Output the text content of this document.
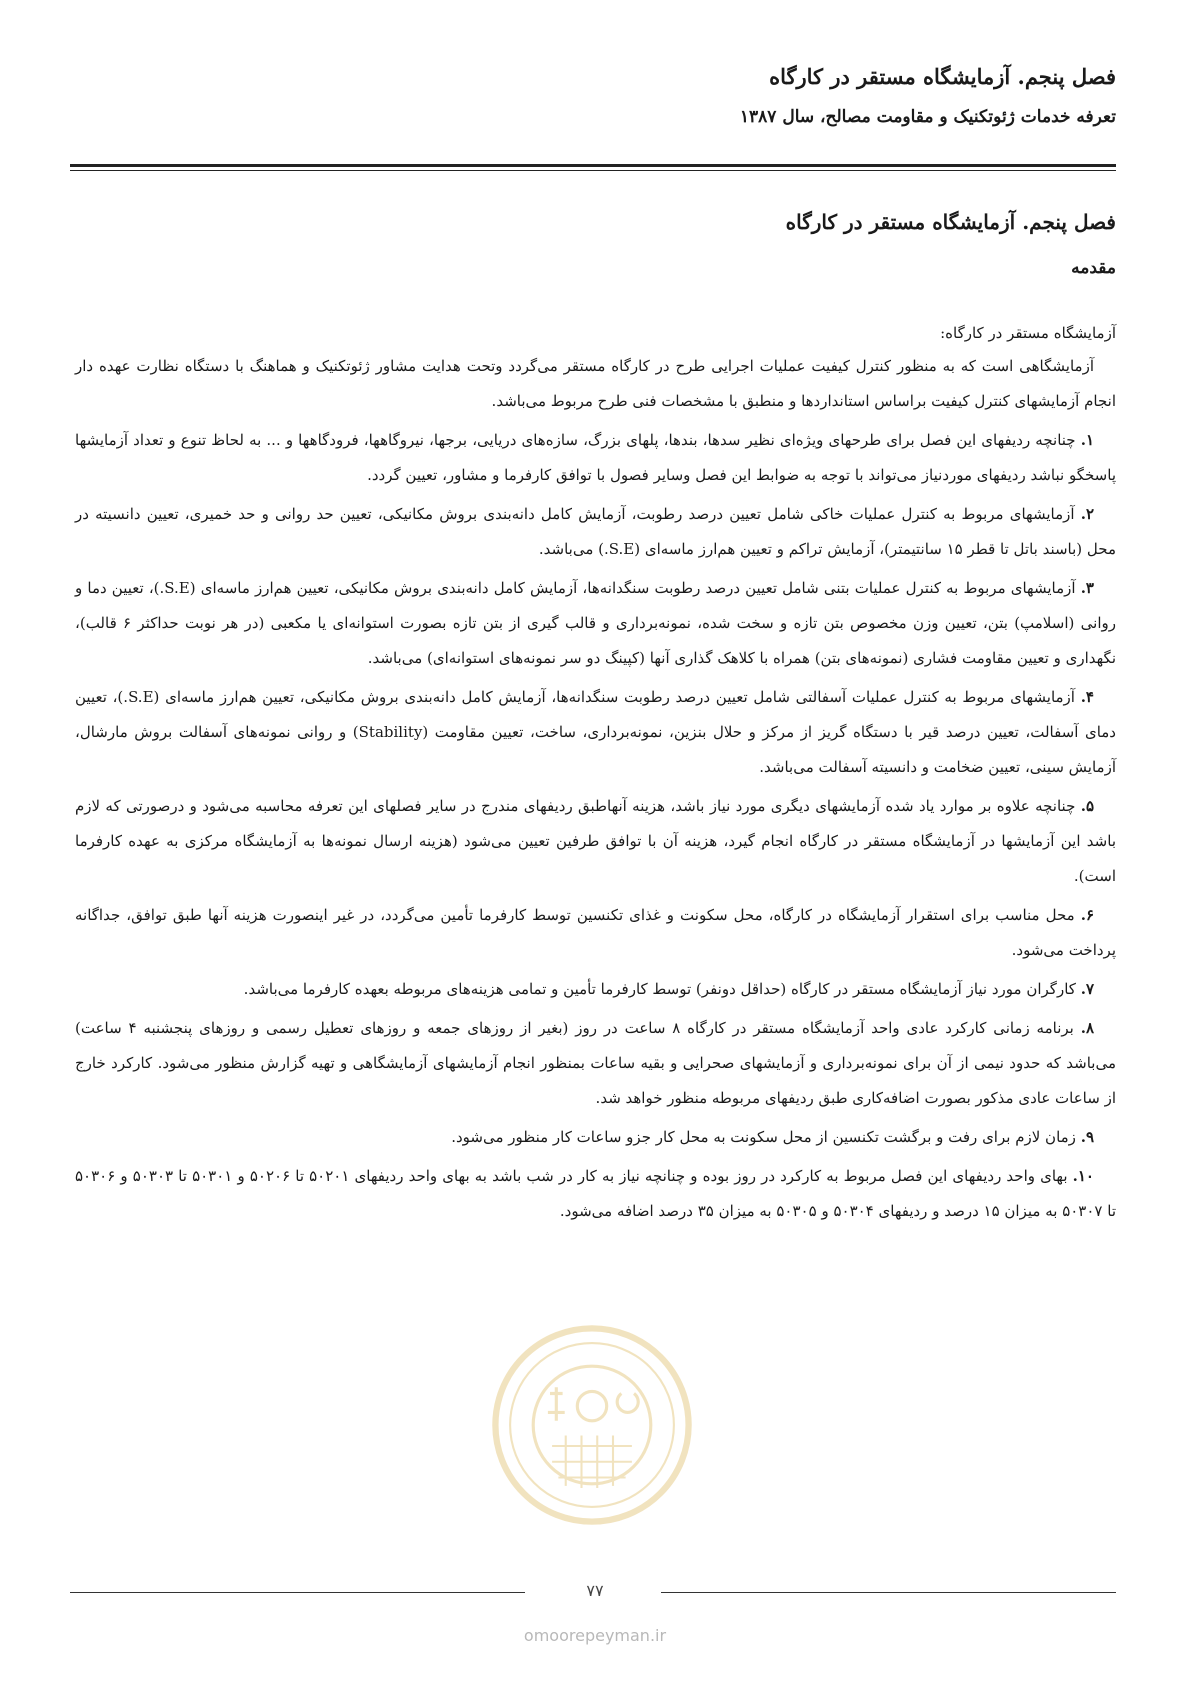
فصل پنجم. آزمایشگاه مستقر در کارگاه

تعرفه خدمات ژئوتکنیک و مقاومت مصالح، سال ۱۳۸۷

فصل پنجم. آزمایشگاه مستقر در کارگاه

مقدمه

آزمایشگاه مستقر در کارگاه:

آزمایشگاهی است که به منظور کنترل کیفیت عملیات اجرایی طرح در کارگاه مستقر می‌گردد وتحت هدایت مشاور ژئوتکنیک و هماهنگ با دستگاه نظارت عهده دار انجام آزمایشهای کنترل کیفیت براساس استانداردها و منطبق با مشخصات فنی طرح مربوط می‌باشد.

۱. چنانچه ردیفهای این فصل برای طرحهای ویژه‌ای نظیر سدها، بندها، پلهای بزرگ، سازه‌های دریایی، برجها، نیروگاهها، فرودگاهها و ... به لحاظ تنوع و تعداد آزمایشها پاسخگو نباشد ردیفهای موردنیاز می‌تواند با توجه به ضوابط این فصل وسایر فصول با توافق کارفرما و مشاور، تعیین گردد.

۲. آزمایشهای مربوط به کنترل عملیات خاکی شامل تعیین درصد رطوبت، آزمایش کامل دانه‌بندی بروش مکانیکی، تعیین حد روانی و حد خمیری، تعیین دانسیته در محل (باسند باتل تا قطر ۱۵ سانتیمتر)، آزمایش تراکم و تعیین هم‌ارز ماسه‌ای (S.E.) می‌باشد.

۳. آزمایشهای مربوط به کنترل عملیات بتنی شامل تعیین درصد رطوبت سنگدانه‌ها، آزمایش کامل دانه‌بندی بروش مکانیکی، تعیین هم‌ارز ماسه‌ای (S.E.)، تعیین دما و روانی (اسلامپ) بتن، تعیین وزن مخصوص بتن تازه و سخت شده، نمونه‌برداری و قالب گیری از بتن تازه بصورت استوانه‌ای یا مکعبی (در هر نوبت حداکثر ۶ قالب)، نگهداری و تعیین مقاومت فشاری (نمونه‌های بتن) همراه با کلاهک گذاری آنها (کپینگ دو سر نمونه‌های استوانه‌ای) می‌باشد.

۴. آزمایشهای مربوط به کنترل عملیات آسفالتی شامل تعیین درصد رطوبت سنگدانه‌ها، آزمایش کامل دانه‌بندی بروش مکانیکی، تعیین هم‌ارز ماسه‌ای (S.E.)، تعیین دمای آسفالت، تعیین درصد قیر با دستگاه گریز از مرکز و حلال بنزین، نمونه‌برداری، ساخت، تعیین مقاومت (Stability) و روانی نمونه‌های آسفالت بروش مارشال، آزمایش سینی، تعیین ضخامت و دانسیته آسفالت می‌باشد.

۵. چنانچه علاوه بر موارد یاد شده آزمایشهای دیگری مورد نیاز باشد، هزینه آنهاطبق ردیفهای مندرج در سایر فصلهای این تعرفه محاسبه می‌شود و درصورتی که لازم باشد این آزمایشها در آزمایشگاه مستقر در کارگاه انجام گیرد، هزینه آن با توافق طرفین تعیین می‌شود (هزینه ارسال نمونه‌ها به آزمایشگاه مرکزی به عهده کارفرما است).

۶. محل مناسب برای استقرار آزمایشگاه در کارگاه، محل سکونت و غذای تکنسین توسط کارفرما تأمین می‌گردد، در غیر اینصورت هزینه آنها طبق توافق، جداگانه پرداخت می‌شود.

۷. کارگران مورد نیاز آزمایشگاه مستقر در کارگاه (حداقل دونفر) توسط کارفرما تأمین و تمامی هزینه‌های مربوطه بعهده کارفرما می‌باشد.

۸. برنامه زمانی کارکرد عادی واحد آزمایشگاه مستقر در کارگاه ۸ ساعت در روز (بغیر از روزهای جمعه و روزهای تعطیل رسمی و روزهای پنجشنبه ۴ ساعت) می‌باشد که حدود نیمی از آن برای نمونه‌برداری و آزمایشهای صحرایی و بقیه ساعات بمنظور انجام آزمایشهای آزمایشگاهی و تهیه گزارش منظور می‌شود. کارکرد خارج از ساعات عادی مذکور بصورت اضافه‌کاری طبق ردیفهای مربوطه منظور خواهد شد.

۹. زمان لازم برای رفت و برگشت تکنسین از محل سکونت به محل کار جزو ساعات کار منظور می‌شود.

۱۰. بهای واحد ردیفهای این فصل مربوط به کارکرد در روز بوده و چنانچه نیاز به کار در شب باشد به بهای واحد ردیفهای ۵۰۲۰۱ تا ۵۰۲۰۶ و ۵۰۳۰۱ تا ۵۰۳۰۳ و ۵۰۳۰۶ تا ۵۰۳۰۷ به میزان ۱۵ درصد و ردیفهای ۵۰۳۰۴ و ۵۰۳۰۵ به میزان ۳۵ درصد اضافه می‌شود.

۷۷
omoorepeyman.ir
